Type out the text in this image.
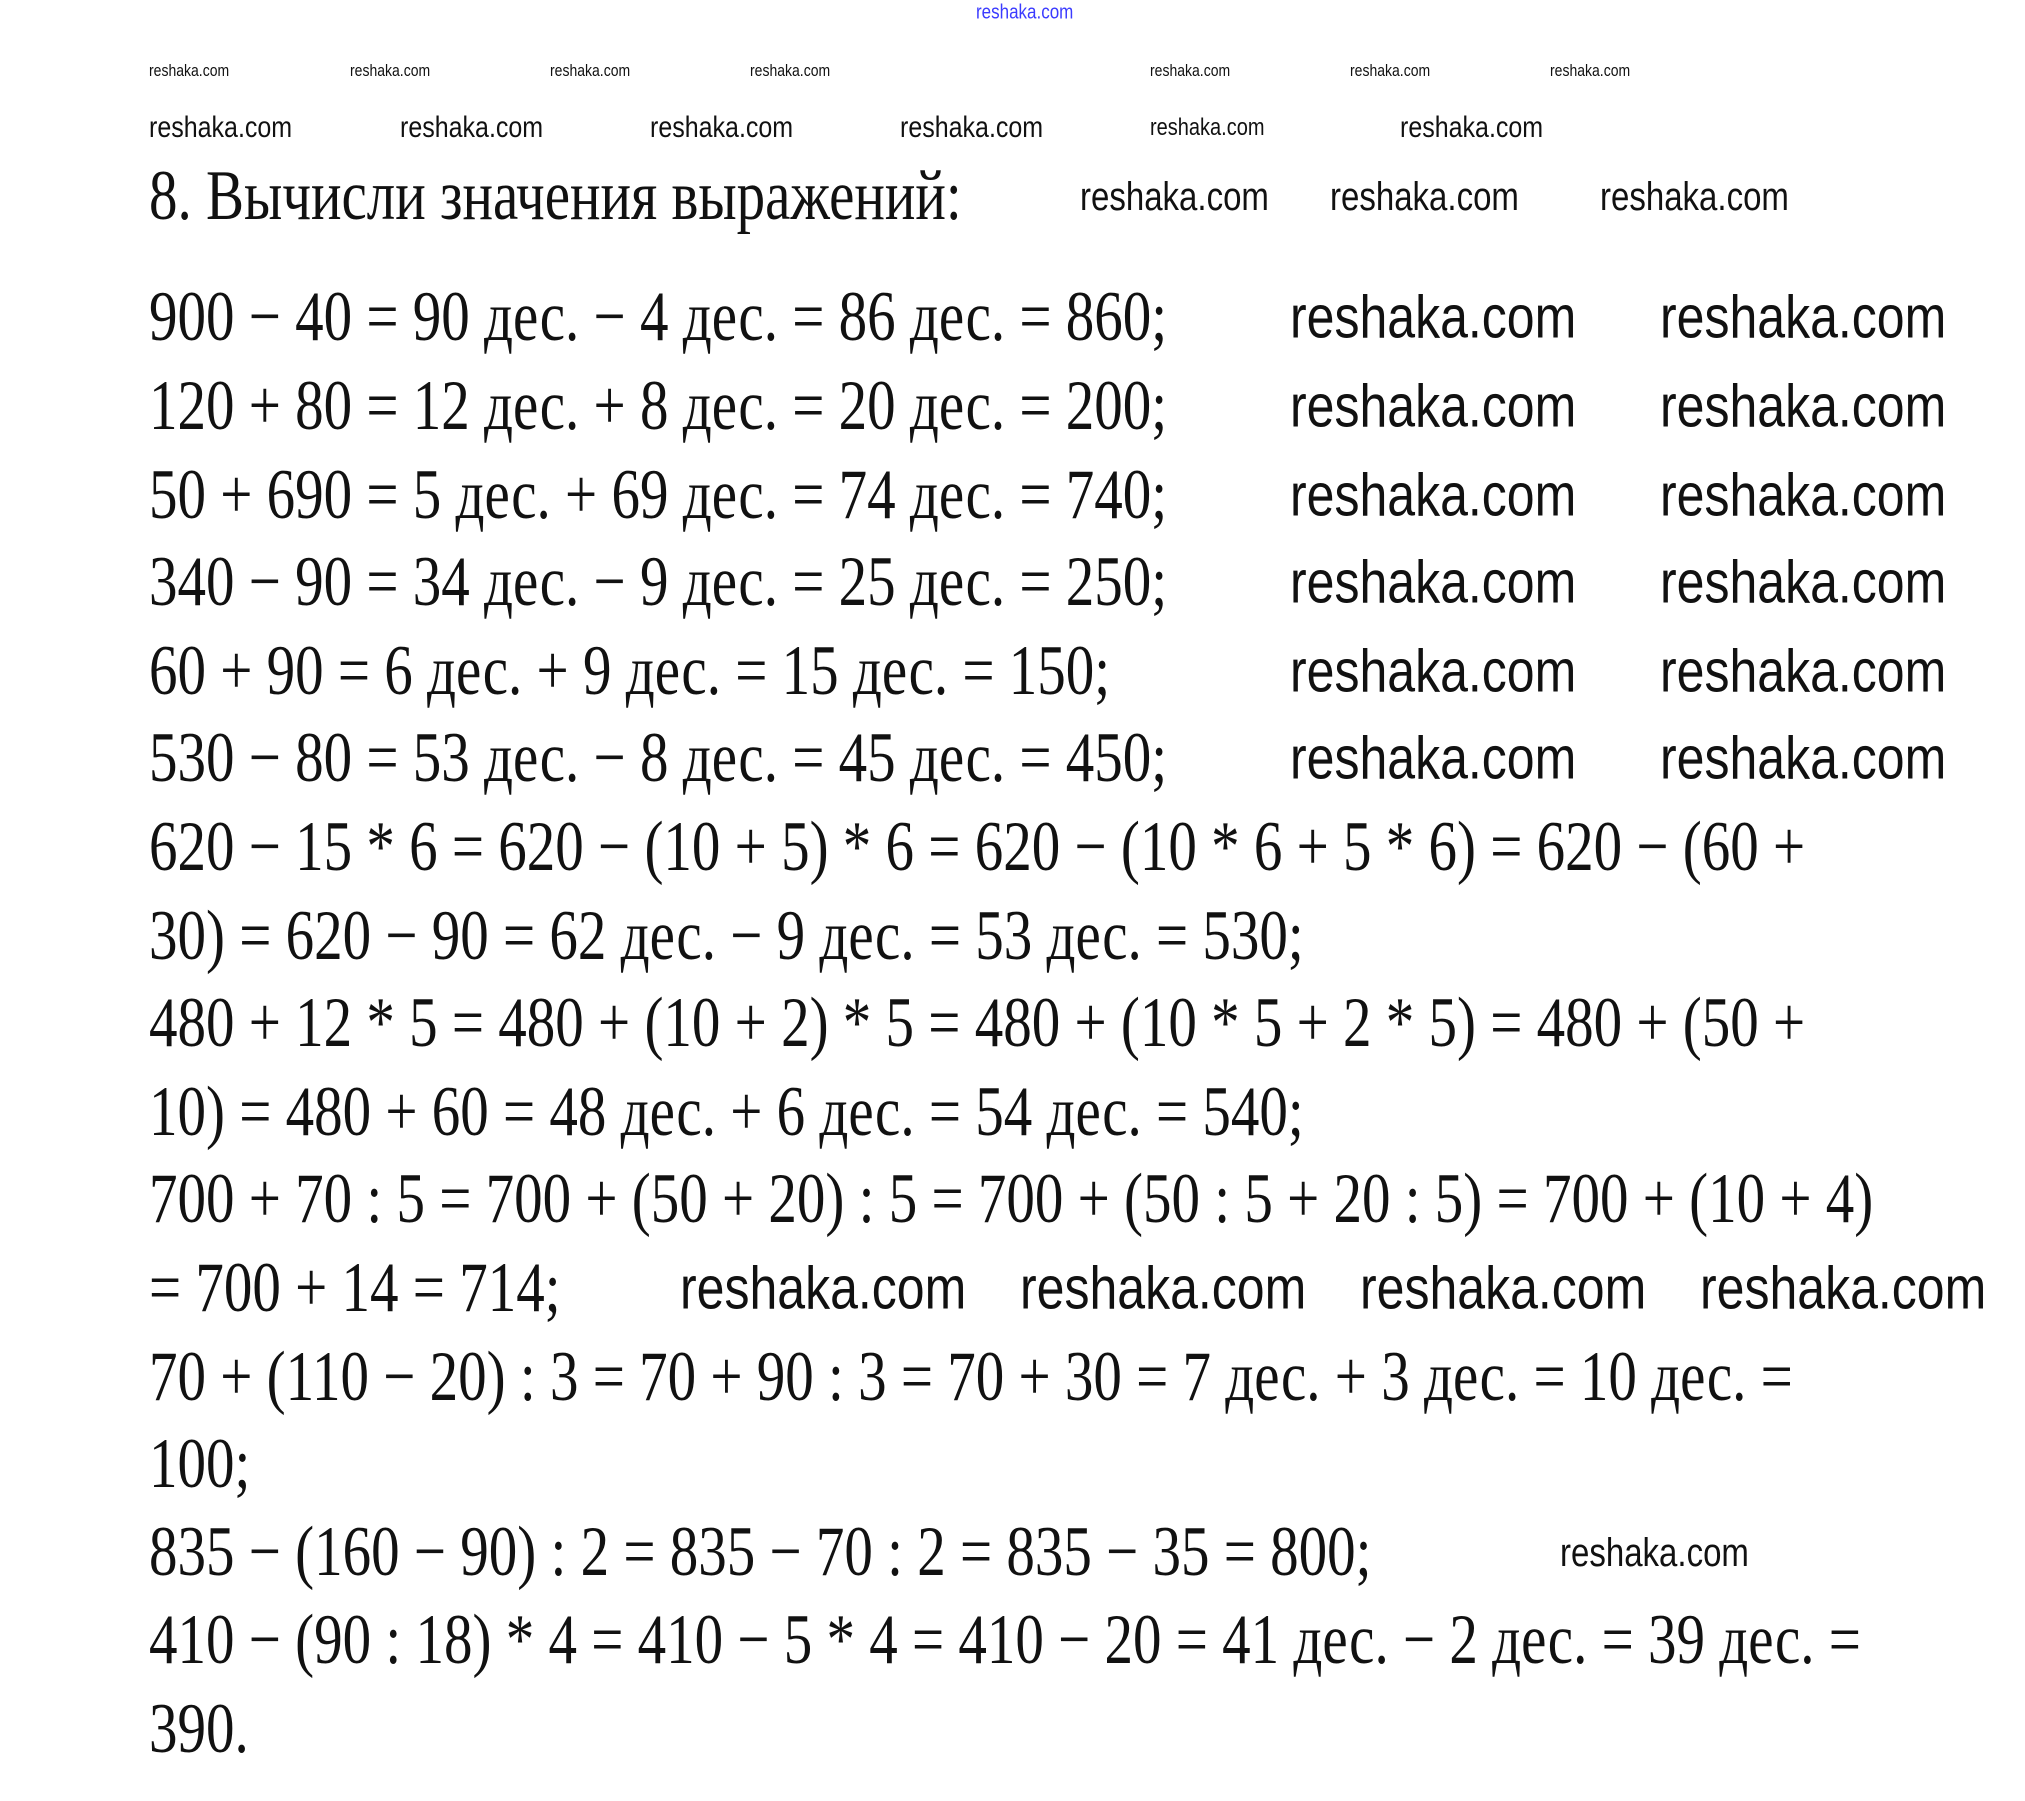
reshaka.com
8. Вычисли значения выражений:
900 − 40 = 90 дес. − 4 дес. = 86 дес. = 860;
120 + 80 = 12 дес. + 8 дес. = 20 дес. = 200;
50 + 690 = 5 дес. + 69 дес. = 74 дес. = 740;
340 − 90 = 34 дес. − 9 дес. = 25 дес. = 250;
60 + 90 = 6 дес. + 9 дес. = 15 дес. = 150;
530 − 80 = 53 дес. − 8 дес. = 45 дес. = 450;
620 − 15 * 6 = 620 − (10 + 5) * 6 = 620 − (10 * 6 + 5 * 6) = 620 − (60 +
30) = 620 − 90 = 62 дес. − 9 дес. = 53 дес. = 530;
480 + 12 * 5 = 480 + (10 + 2) * 5 = 480 + (10 * 5 + 2 * 5) = 480 + (50 +
10) = 480 + 60 = 48 дес. + 6 дес. = 54 дес. = 540;
700 + 70 : 5 = 700 + (50 + 20) : 5 = 700 + (50 : 5 + 20 : 5) = 700 + (10 + 4)
= 700 + 14 = 714;
70 + (110 − 20) : 3 = 70 + 90 : 3 = 70 + 30 = 7 дес. + 3 дес. = 10 дес. =
100;
835 − (160 − 90) : 2 = 835 − 70 : 2 = 835 − 35 = 800;
410 − (90 : 18) * 4 = 410 − 5 * 4 = 410 − 20 = 41 дес. − 2 дес. = 39 дес. =
390.
reshaka.com	reshaka.com	reshaka.com	reshaka.com	reshaka.com	reshaka.com	reshaka.com
reshaka.com	reshaka.com	reshaka.com	reshaka.com	reshaka.com	reshaka.com
reshaka.com reshaka.com reshaka.com
reshaka.com
reshaka.com reshaka.com
reshaka.com reshaka.com
reshaka.com reshaka.com
reshaka.com reshaka.com
reshaka.com reshaka.com
reshaka.com reshaka.com
reshaka.com reshaka.com reshaka.com reshaka.com
